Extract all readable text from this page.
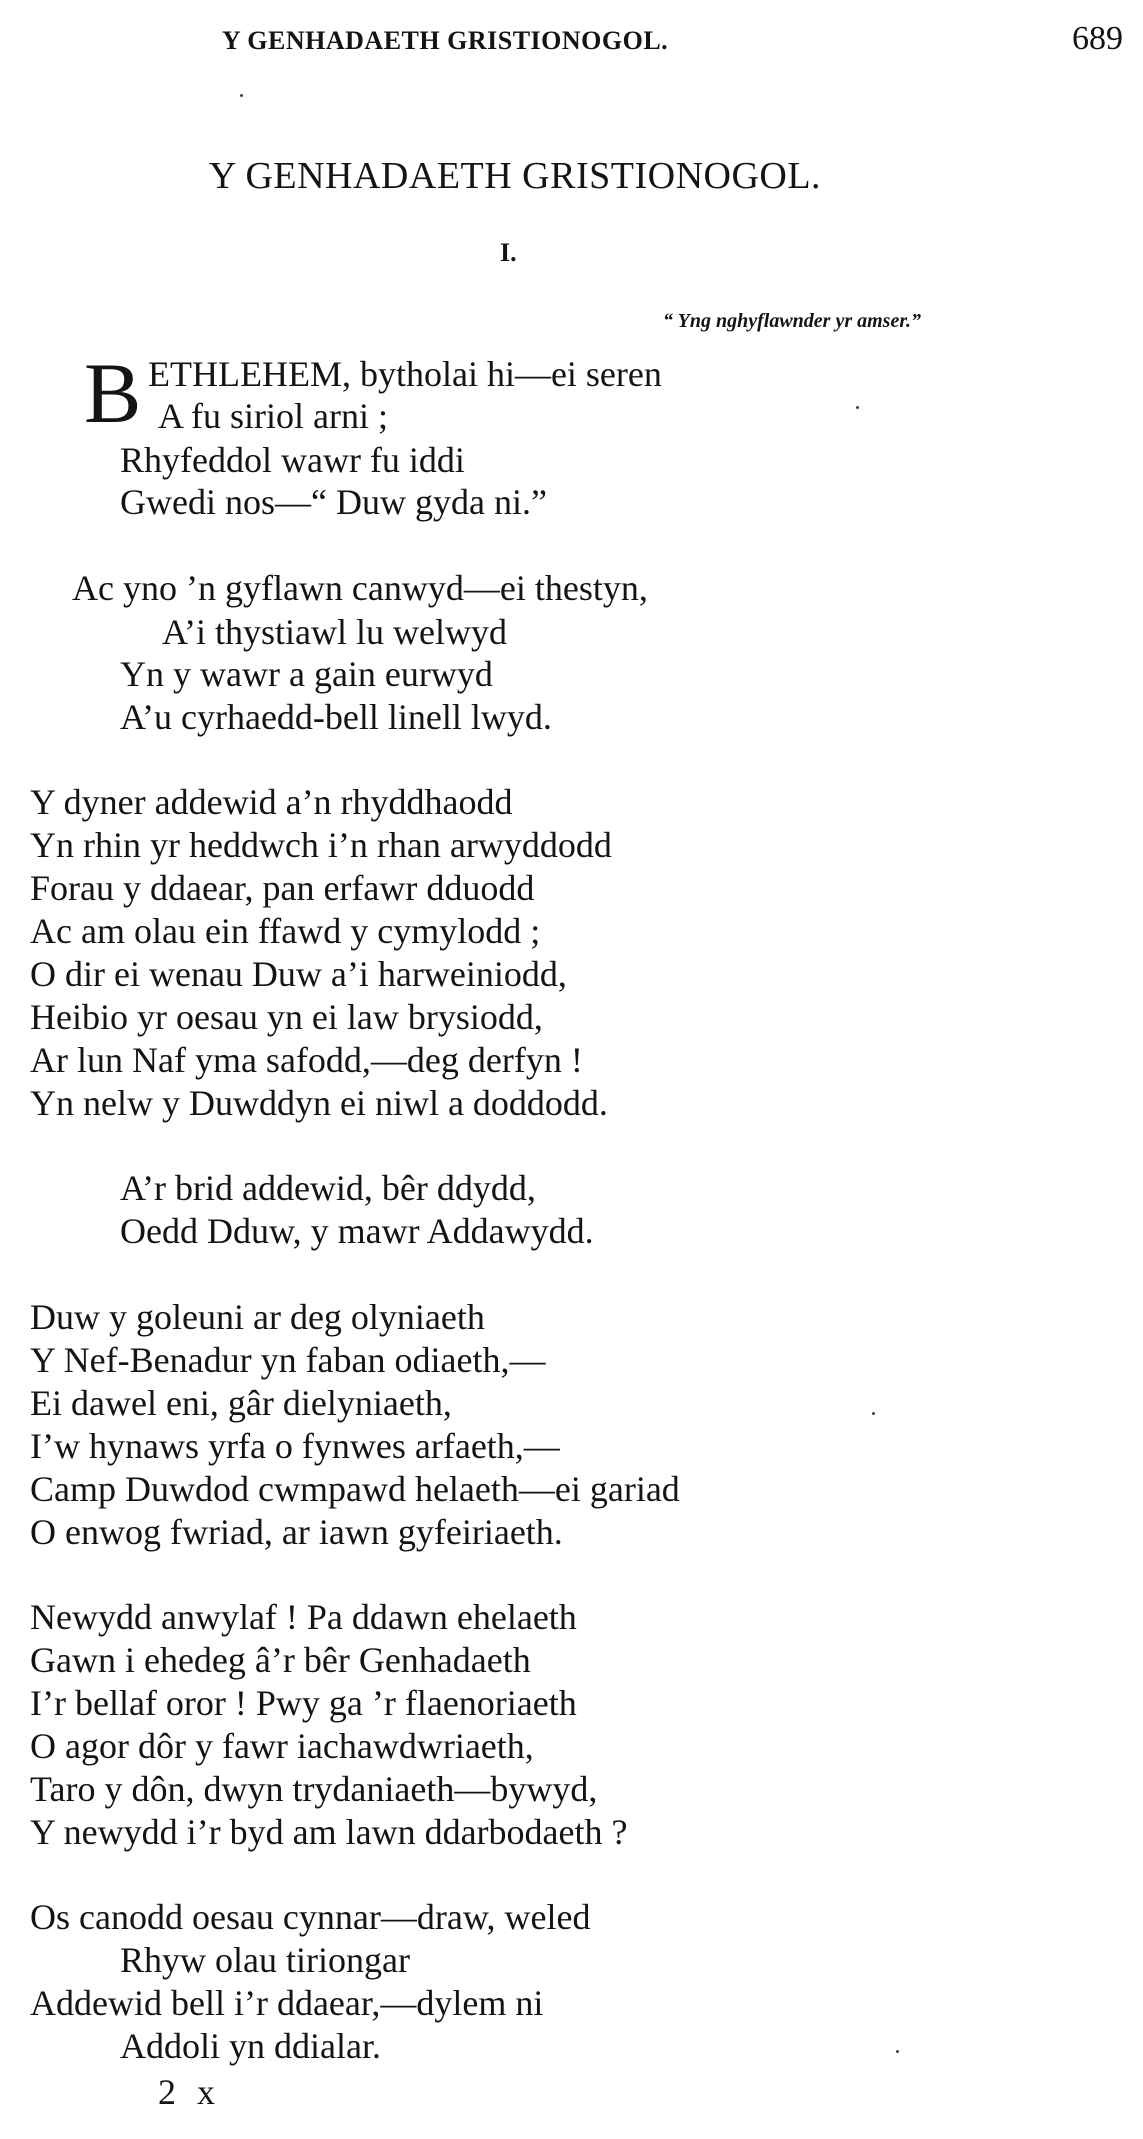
Y GENHADAETH GRISTIONOGOL.	689
Y GENHADAETH GRISTIONOGOL.
I.
“ Yng nghyflawnder yr amser.”
B ETHLEHEM, bytholai hi—ei seren
A fu siriol arni ;
Rhyfeddol wawr fu iddi
Gwedi nos—“ Duw gyda ni.”
Ac yno ’n gyflawn canwyd—ei thestyn,
A’i thystiawl lu welwyd
Yn y wawr a gain eurwyd
A’u cyrhaedd-bell linell lwyd.
Y dyner addewid a’n rhyddhaodd
Yn rhin yr heddwch i’n rhan arwyddodd
Forau y ddaear, pan erfawr dduodd
Ac am olau ein ffawd y cymylodd ;
O dir ei wenau Duw a’i harweiniodd,
Heibio yr oesau yn ei law brysiodd,
Ar lun Naf yma safodd,—deg derfyn !
Yn nelw y Duwddyn ei niwl a doddodd.
A’r brid addewid, bêr ddydd,
Oedd Dduw, y mawr Addawydd.
Duw y goleuni ar deg olyniaeth
Y Nef-Benadur yn faban odiaeth,—
Ei dawel eni, gâr dielyniaeth,
I’w hynaws yrfa o fynwes arfaeth,—
Camp Duwdod cwmpawd helaeth—ei gariad
O enwog fwriad, ar iawn gyfeiriaeth.
Newydd anwylaf ! Pa ddawn ehelaeth
Gawn i ehedeg â’r bêr Genhadaeth
I’r bellaf oror ! Pwy ga ’r flaenoriaeth
O agor dôr y fawr iachawdwriaeth,
Taro y dôn, dwyn trydaniaeth—bywyd,
Y newydd i’r byd am lawn ddarbodaeth ?
Os canodd oesau cynnar—draw, weled
Rhyw olau tiriongar
Addewid bell i’r ddaear,—dylem ni
Addoli yn ddialar.
2 x
